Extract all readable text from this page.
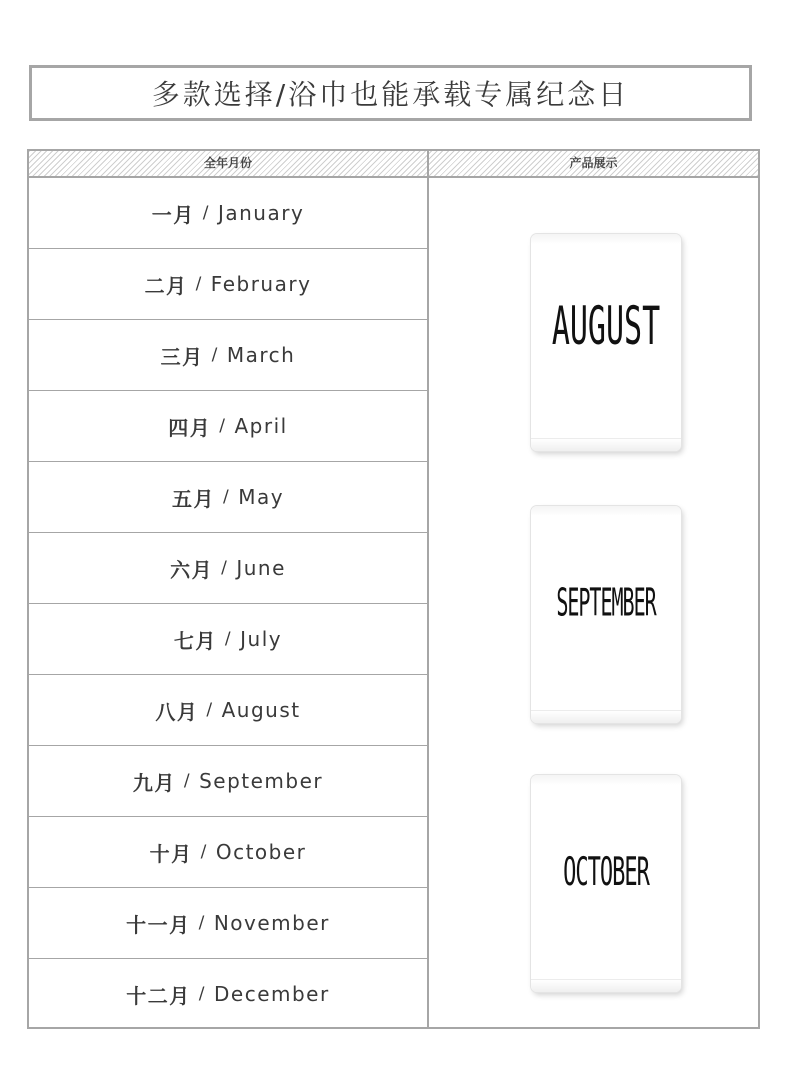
多款选择/浴巾也能承载专属纪念日
全年月份	产品展示
一月 / January
二月 / February
三月 / March
四月 / April
五月 / May
六月 / June
七月 / July
八月 / August
九月 / September
十月 / October
十一月 / November
十二月 / December
AUGUST
SEPTEMBER
OCTOBER
